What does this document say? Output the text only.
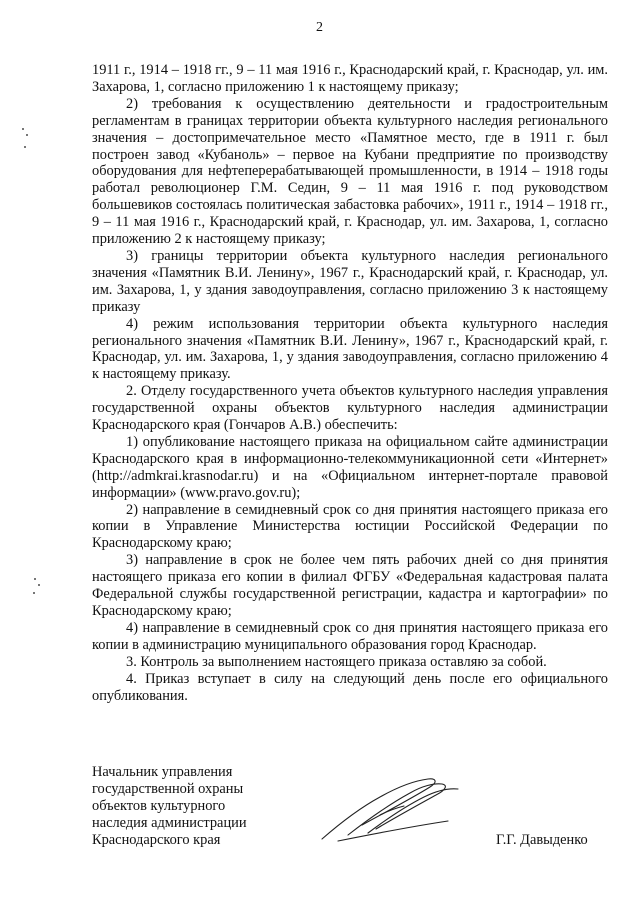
2

1911 г., 1914 – 1918 гг., 9 – 11 мая 1916 г., Краснодарский край, г. Краснодар, ул. им. Захарова, 1, согласно приложению 1 к настоящему приказу;

2) требования к осуществлению деятельности и градостроительным регламентам в границах территории объекта культурного наследия регионального значения – достопримечательное место «Памятное место, где в 1911 г. был построен завод «Кубаноль» – первое на Кубани предприятие по производству оборудования для нефтеперерабатывающей промышленности, в 1914 – 1918 годы работал революционер Г.М. Седин, 9 – 11 мая 1916 г. под руководством большевиков состоялась политическая забастовка рабочих», 1911 г., 1914 – 1918 гг., 9 – 11 мая 1916 г., Краснодарский край, г. Краснодар, ул. им. Захарова, 1, согласно приложению 2 к настоящему приказу;

3) границы территории объекта культурного наследия регионального значения «Памятник В.И. Ленину», 1967 г., Краснодарский край, г. Краснодар, ул. им. Захарова, 1, у здания заводоуправления, согласно приложению 3 к настоящему приказу

4) режим использования территории объекта культурного наследия регионального значения «Памятник В.И. Ленину», 1967 г., Краснодарский край, г. Краснодар, ул. им. Захарова, 1, у здания заводоуправления, согласно приложению 4 к настоящему приказу.

2. Отделу государственного учета объектов культурного наследия управления государственной охраны объектов культурного наследия администрации Краснодарского края (Гончаров А.В.) обеспечить:

1) опубликование настоящего приказа на официальном сайте администрации Краснодарского края в информационно-телекоммуникационной сети «Интернет» (http://admkrai.krasnodar.ru) и на «Официальном интернет-портале правовой информации» (www.pravo.gov.ru);

2) направление в семидневный срок со дня принятия настоящего приказа его копии в Управление Министерства юстиции Российской Федерации по Краснодарскому краю;

3) направление в срок не более чем пять рабочих дней со дня принятия настоящего приказа его копии в филиал ФГБУ «Федеральная кадастровая палата Федеральной службы государственной регистрации, кадастра и картографии» по Краснодарскому краю;

4) направление в семидневный срок со дня принятия настоящего приказа его копии в администрацию муниципального образования город Краснодар.

3. Контроль за выполнением настоящего приказа оставляю за собой.

4. Приказ вступает в силу на следующий день после его официального опубликования.

Начальник управления
государственной охраны
объектов культурного
наследия администрации
Краснодарского края	Г.Г. Давыденко
